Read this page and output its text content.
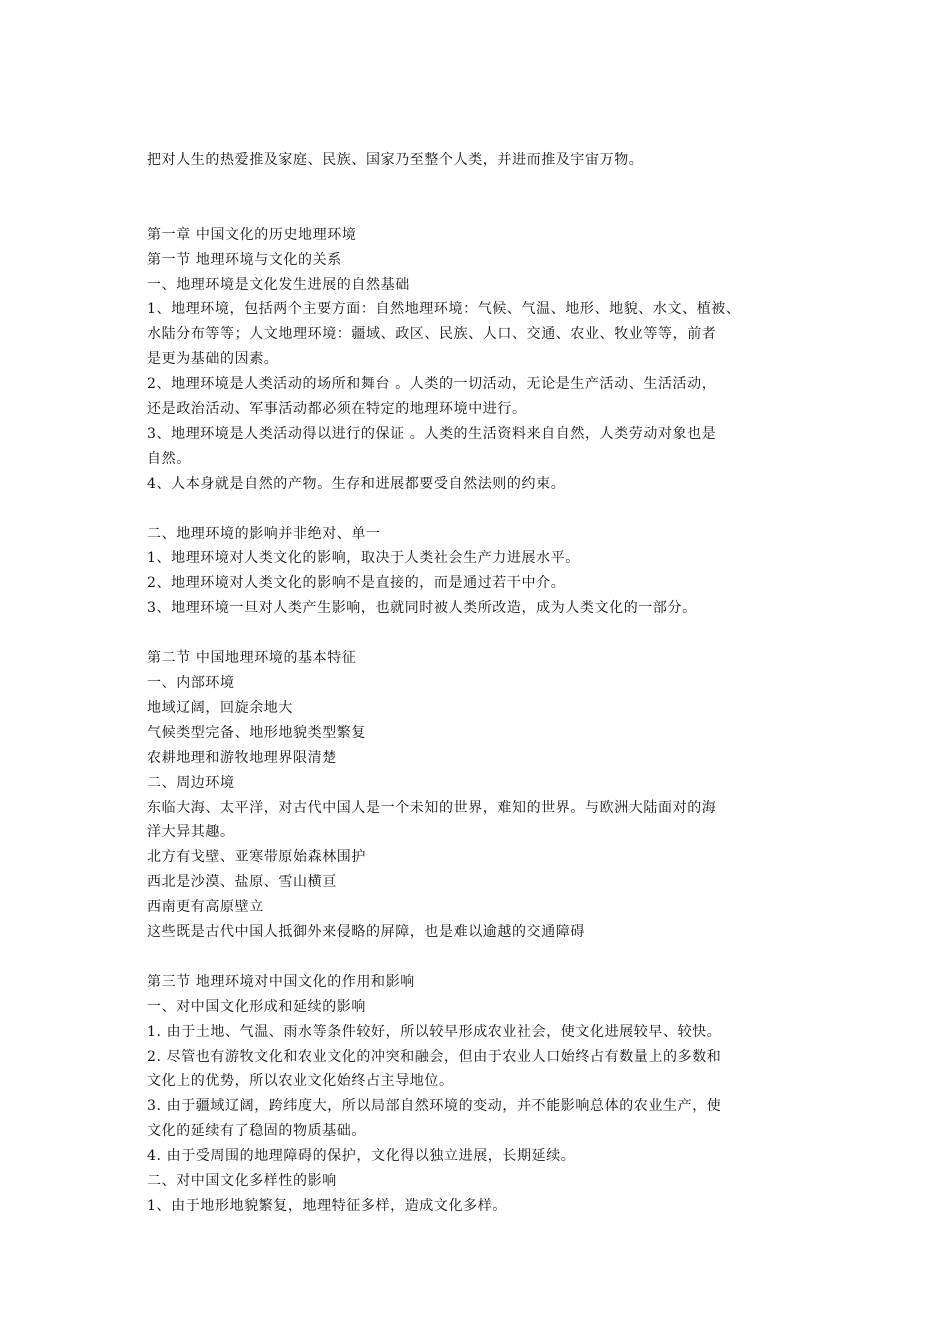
把对人生的热爱推及家庭、民族、国家乃至整个人类，并进而推及宇宙万物。
第一章 中国文化的历史地理环境
第一节 地理环境与文化的关系
一、地理环境是文化发生进展的自然基础
1、地理环境，包括两个主要方面：自然地理环境：气候、气温、地形、地貌、水文、植被、
水陆分布等等；人文地理环境：疆域、政区、民族、人口、交通、农业、牧业等等，前者
是更为基础的因素。
2、地理环境是人类活动的场所和舞台 。人类的一切活动，无论是生产活动、生活活动，
还是政治活动、军事活动都必须在特定的地理环境中进行。
3、地理环境是人类活动得以进行的保证 。人类的生活资料来自自然，人类劳动对象也是
自然。
4、人本身就是自然的产物。生存和进展都要受自然法则的约束。
二、地理环境的影响并非绝对、单一
1、地理环境对人类文化的影响，取决于人类社会生产力进展水平。
2、地理环境对人类文化的影响不是直接的，而是通过若干中介。
3、地理环境一旦对人类产生影响，也就同时被人类所改造，成为人类文化的一部分。
第二节 中国地理环境的基本特征
一、内部环境
地域辽阔，回旋余地大
气候类型完备、地形地貌类型繁复
农耕地理和游牧地理界限清楚
二、周边环境
东临大海、太平洋，对古代中国人是一个未知的世界，难知的世界。与欧洲大陆面对的海
洋大异其趣。
北方有戈壁、亚寒带原始森林围护
西北是沙漠、盐原、雪山横亘
西南更有高原壁立
这些既是古代中国人抵御外来侵略的屏障，也是难以逾越的交通障碍
第三节 地理环境对中国文化的作用和影响
一、对中国文化形成和延续的影响
1. 由于土地、气温、雨水等条件较好，所以较早形成农业社会，使文化进展较早、较快。
2. 尽管也有游牧文化和农业文化的冲突和融会，但由于农业人口始终占有数量上的多数和
文化上的优势，所以农业文化始终占主导地位。
3. 由于疆域辽阔，跨纬度大，所以局部自然环境的变动，并不能影响总体的农业生产，使
文化的延续有了稳固的物质基础。
4. 由于受周围的地理障碍的保护，文化得以独立进展，长期延续。
二、对中国文化多样性的影响
1、由于地形地貌繁复，地理特征多样，造成文化多样。
